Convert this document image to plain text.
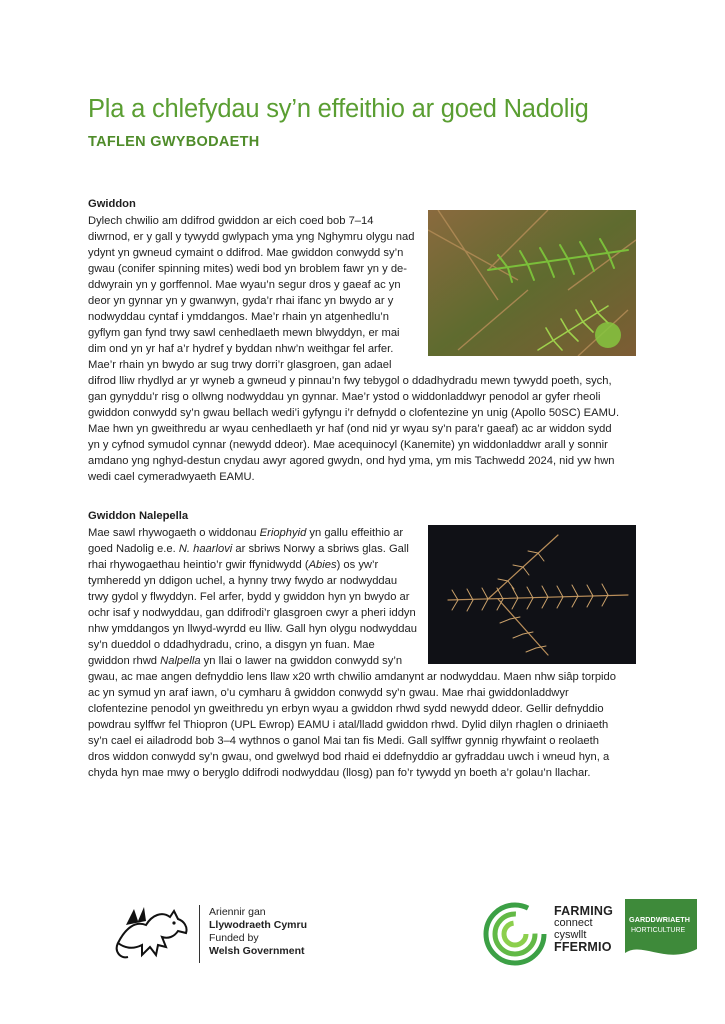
Pla a chlefydau sy’n effeithio ar goed Nadolig
TAFLEN GWYBODAETH
Gwiddon

Dylech chwilio am ddifrod gwiddon ar eich coed bob 7–14 diwrnod, er y gall y tywydd gwlypach yma yng Nghymru olygu nad ydynt yn gwneud cymaint o ddifrod. Mae gwiddon conwydd sy’n gwau (conifer spinning mites) wedi bod yn broblem fawr yn y de-ddwyrain yn y gorffennol. Mae wyau’n segur dros y gaeaf ac yn deor yn gynnar yn y gwanwyn, gyda’r rhai ifanc yn bwydo ar y nodwyddau cyntaf i ymddangos. Mae’r rhain yn atgenhedlu’n gyflym gan fynd trwy sawl cenhedlaeth mewn blwyddyn, er mai dim ond yn yr haf a’r hydref y byddan nhw’n weithgar fel arfer. Mae’r rhain yn bwydo ar sug trwy dorri’r glasgroen, gan adael difrod lliw rhydlyd ar yr wyneb a gwneud y pinnau’n fwy tebygol o ddadhydradu mewn tywydd poeth, sych, gan gynyddu’r risg o ollwng nodwyddau yn gynnar. Mae’r ystod o widdonladdwyr penodol ar gyfer rheoli gwiddon conwydd sy’n gwau bellach wedi’i gyfyngu i’r defnydd o clofentezine yn unig (Apollo 50SC) EAMU. Mae hwn yn gweithredu ar wyau cenhedlaeth yr haf (ond nid yr wyau sy’n para’r gaeaf) ac ar widdon sydd yn y cyfnod symudol cynnar (newydd ddeor). Mae acequinocyl (Kanemite) yn widdonladdwr arall y sonnir amdano yng nghyd-destun cnydau awyr agored gwydn, ond hyd yma, ym mis Tachwedd 2024, nid yw hwn wedi cael cymeradwyaeth EAMU.

Gwiddon Nalepella

Mae sawl rhywogaeth o widdonau Eriophyid yn gallu effeithio ar goed Nadolig e.e. N. haarlovi ar sbriws Norwy a sbriws glas. Gall rhai rhywogaethau heintio’r gwir ffynidwydd (Abies) os yw’r tymheredd yn ddigon uchel, a hynny trwy fwydo ar nodwyddau trwy gydol y flwyddyn. Fel arfer, bydd y gwiddon hyn yn bwydo ar ochr isaf y nodwyddau, gan ddifrodi’r glasgroen cwyr a pheri iddyn nhw ymddangos yn llwyd-wyrdd eu lliw. Gall hyn olygu nodwyddau sy’n dueddol o ddadhydradu, crino, a disgyn yn fuan. Mae gwiddon rhwd Nalpella yn llai o lawer na gwiddon conwydd sy’n gwau, ac mae angen defnyddio lens llaw x20 wrth chwilio amdanynt ar nodwyddau. Maen nhw siâp torpido ac yn symud yn araf iawn, o’u cymharu â gwiddon conwydd sy’n gwau. Mae rhai gwiddonladdwyr clofentezine penodol yn gweithredu yn erbyn wyau a gwiddon rhwd sydd newydd ddeor. Gellir defnyddio powdrau sylffwr fel Thiopron (UPL Ewrop) EAMU i atal/lladd gwiddon rhwd. Dylid dilyn rhaglen o driniaeth sy’n cael ei ailadrodd bob 3–4 wythnos o ganol Mai tan fis Medi. Gall sylffwr gynnig rhywfaint o reolaeth dros widdon conwydd sy’n gwau, ond gwelwyd bod rhaid ei ddefnyddio ar gyfraddau uwch i wneud hyn, a chyda hyn mae mwy o beryglo ddifrodi nodwyddau (llosg) pan fo’r tywydd yn boeth a’r golau’n llachar.

Ariennir gan
Llywodraeth Cymru
Funded by
Welsh Government
FARMING
connect
cyswllt
FFERMIO
GARDDWRIAETH
HORTICULTURE
